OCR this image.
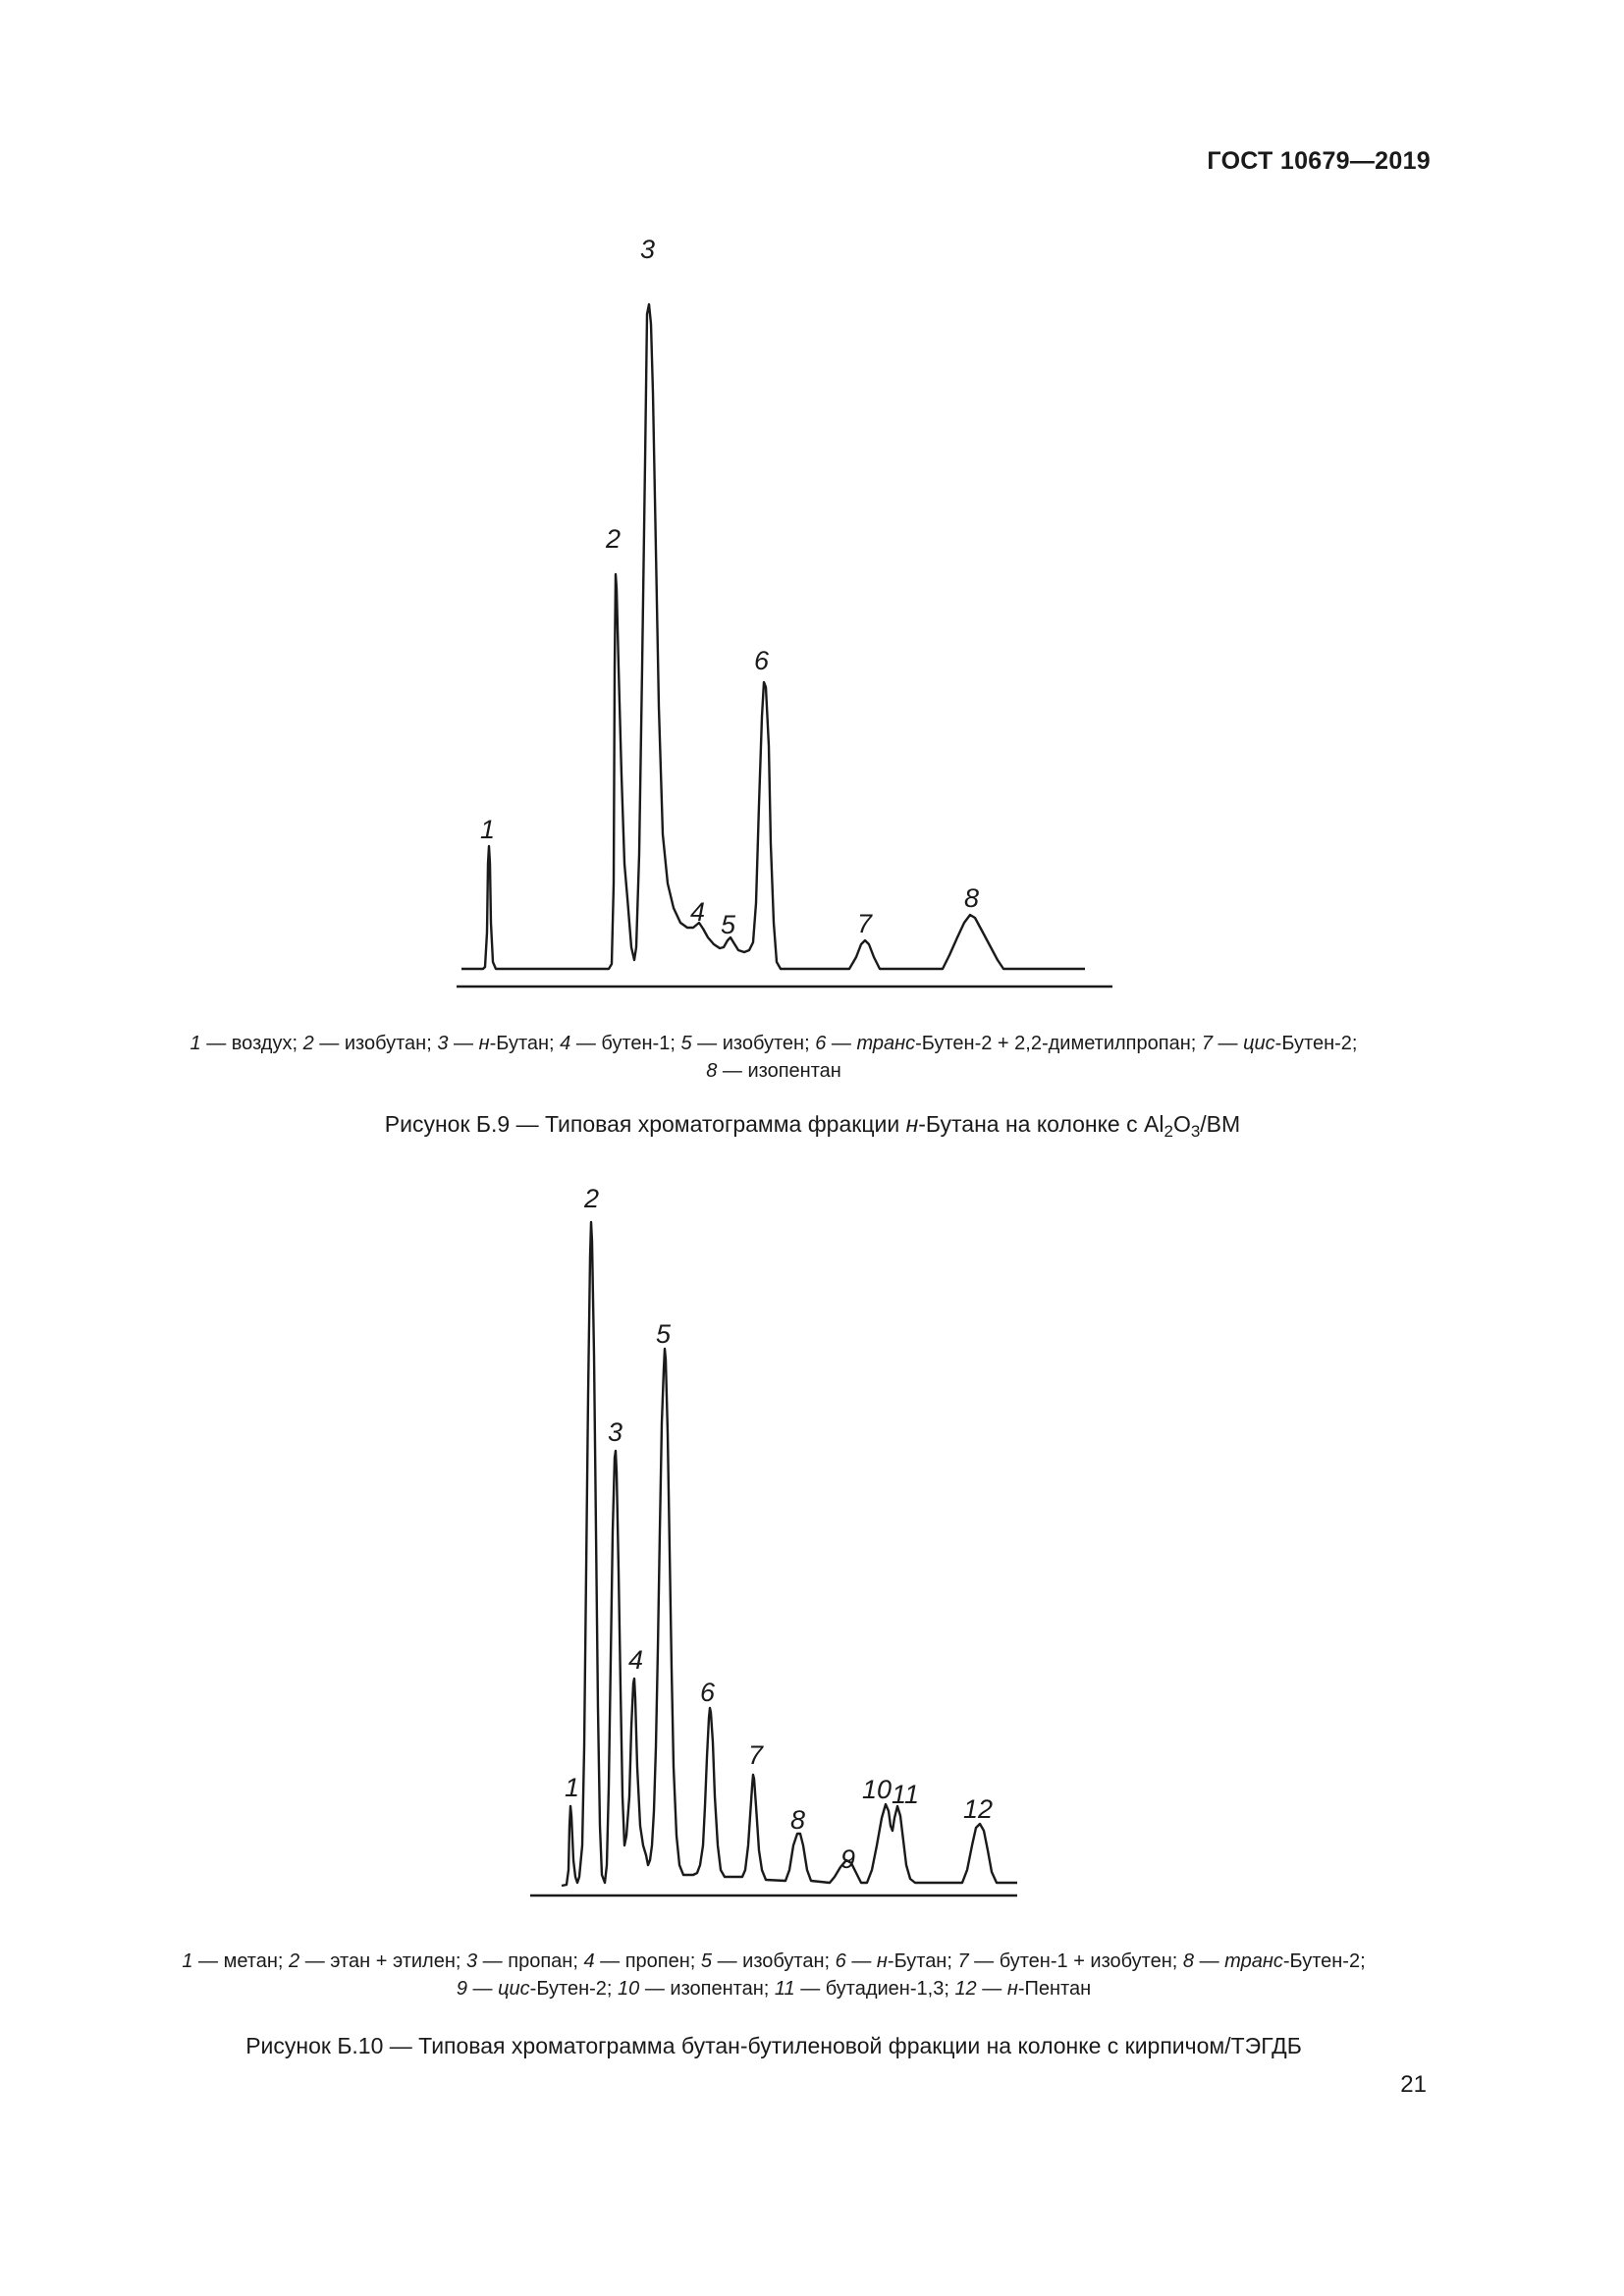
ГОСТ 10679—2019
1
2
3
4 5
6
7
8
1 — воздух; 2 — изобутан; 3 — н-Бутан; 4 — бутен-1; 5 — изобутен; 6 — транс-Бутен-2 + 2,2-диметилпропан; 7 — цис-Бутен-2;
8 — изопентан
Рисунок Б.9 — Типовая хроматограмма фракции н-Бутана на колонке с $Al_2O_3/ВМ$
1
2
3
4
5
6
7
8
9
10 11 12
1 — метан; 2 — этан + этилен; 3 — пропан; 4 — пропен; 5 — изобутан; 6 — н-Бутан; 7 — бутен-1 + изобутен; 8 — транс-Бутен-2;
9 — цис-Бутен-2; 10 — изопентан; 11 — бутадиен-1,3; 12 — н-Пентан
Рисунок Б.10 — Типовая хроматограмма бутан-бутиленовой фракции на колонке с кирпичом/ТЭГДБ
21
